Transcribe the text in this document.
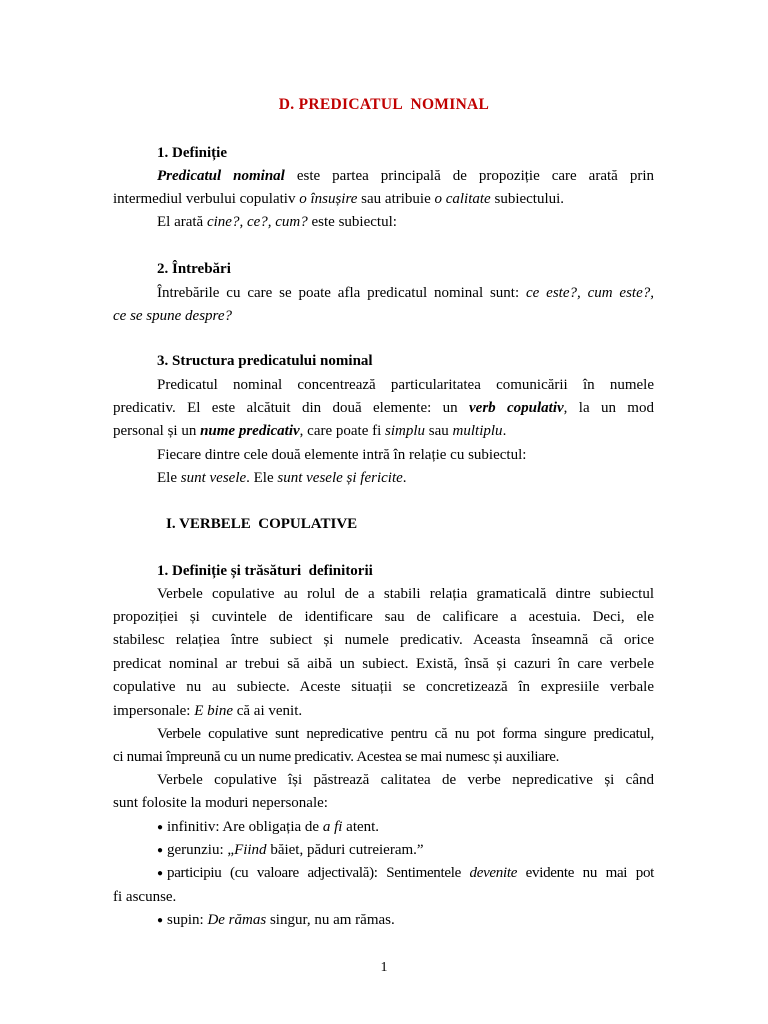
D. PREDICATUL  NOMINAL

1. Definiție

Predicatul nominal este partea principală de propoziție care arată prin

intermediul verbului copulativ o însușire sau atribuie o calitate subiectului.

El arată cine?, ce?, cum? este subiectul:

2. Întrebări

Întrebările cu care se poate afla predicatul nominal sunt: ce este?, cum este?,

ce se spune despre?

3. Structura predicatului nominal

Predicatul nominal concentrează particularitatea comunicării în numele

predicativ. El este alcătuit din două elemente: un verb copulativ, la un mod

personal și un nume predicativ, care poate fi simplu sau multiplu.

Fiecare dintre cele două elemente intră în relație cu subiectul:

Ele sunt vesele. Ele sunt vesele și fericite.

I. VERBELE  COPULATIVE

1. Definiție și trăsături  definitorii

Verbele copulative au rolul de a stabili relația gramaticală dintre subiectul

propoziției și cuvintele de identificare sau de calificare a acestuia. Deci, ele

stabilesc relațiea între subiect și numele predicativ. Aceasta înseamnă că orice

predicat nominal ar trebui să aibă un subiect. Există, însă și cazuri în care verbele

copulative nu au subiecte. Aceste situații se concretizează în expresiile verbale

impersonale: E bine că ai venit.

Verbele copulative sunt nepredicative pentru că nu pot forma singure predicatul,

ci numai împreună cu un nume predicativ. Acestea se mai numesc și auxiliare.

Verbele copulative își păstrează calitatea de verbe nepredicative și când

sunt folosite la moduri nepersonale:

● infinitiv: Are obligația de a fi atent.

● gerunziu: „Fiind băiet, păduri cutreieram.”

● participiu (cu valoare adjectivală): Sentimentele devenite evidente nu mai pot

fi ascunse.

● supin: De rămas singur, nu am rămas.

1
